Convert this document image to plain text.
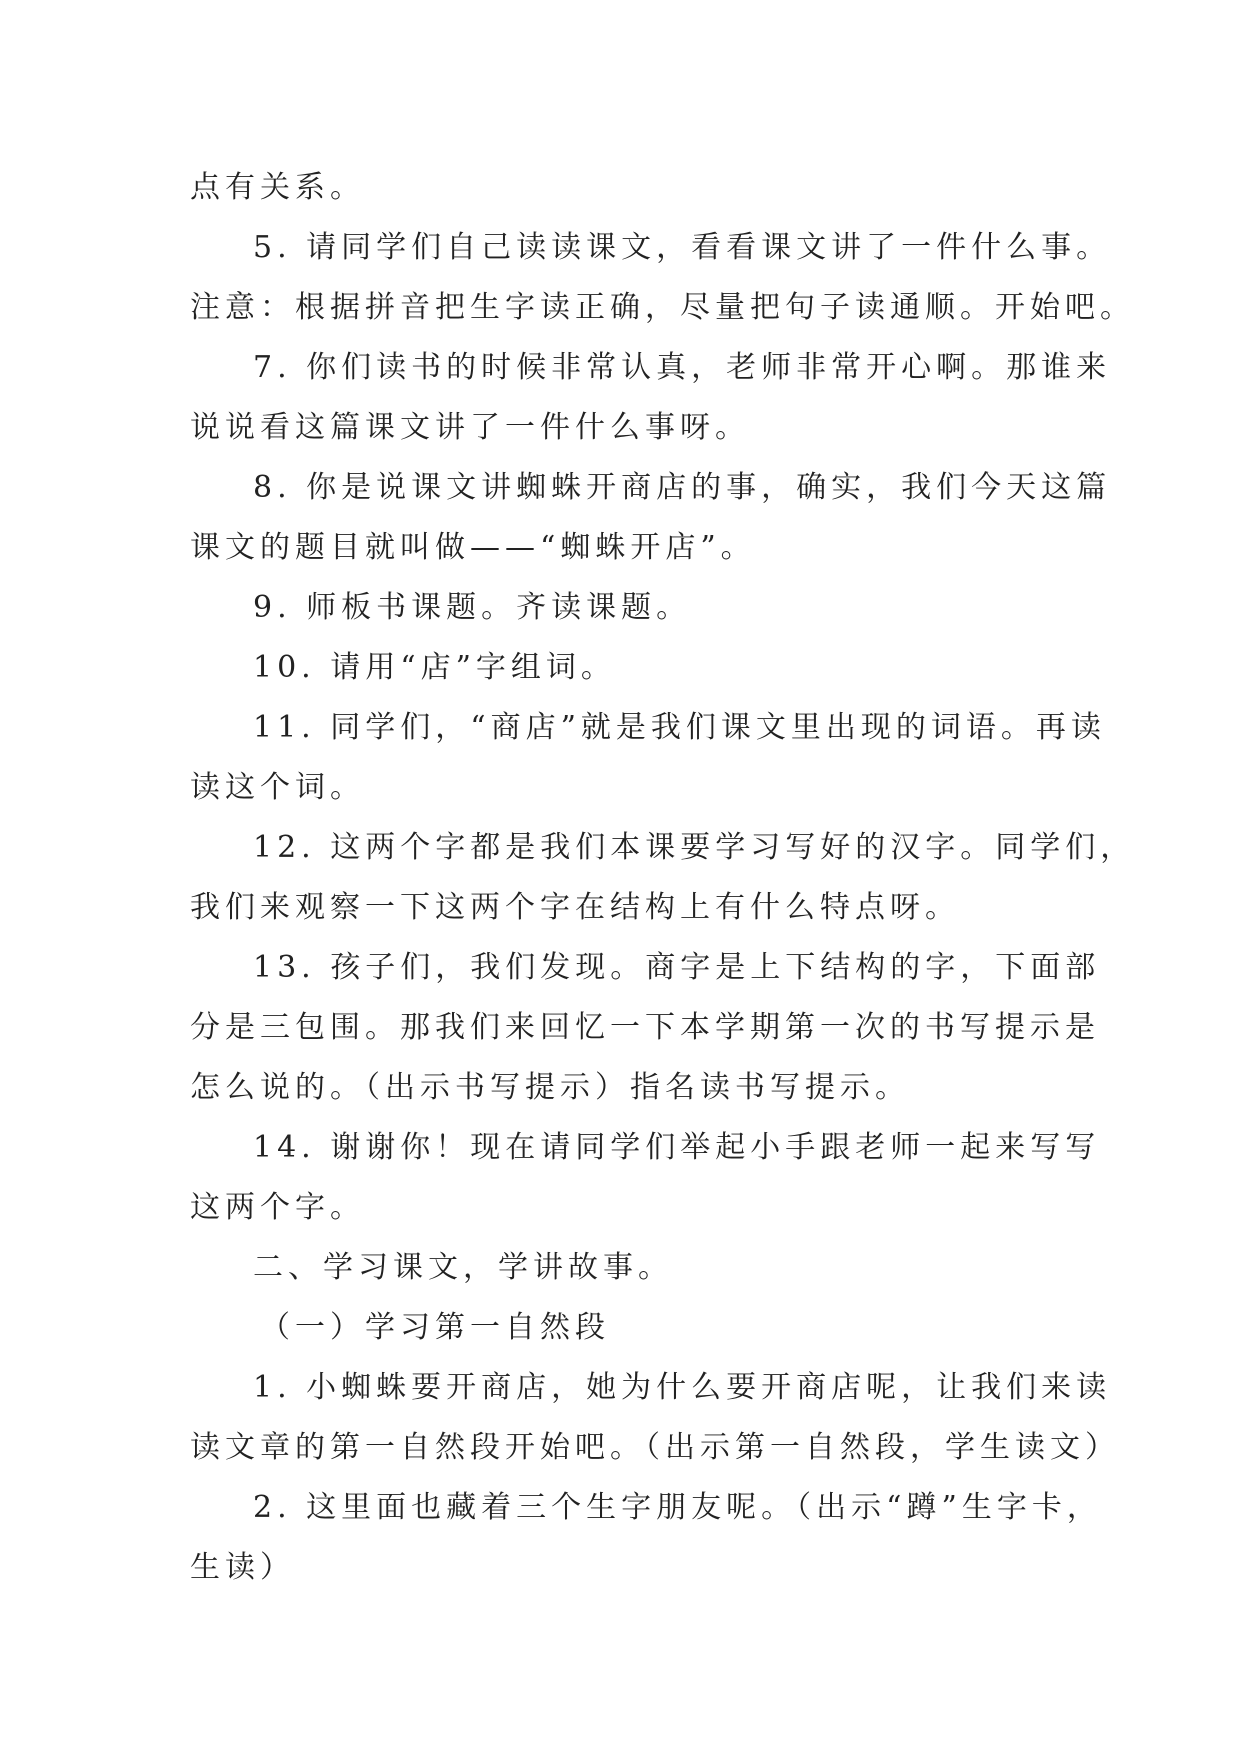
点有关系。
5. 请同学们自己读读课文，看看课文讲了一件什么事。
注意：根据拼音把生字读正确，尽量把句子读通顺。开始吧。
7. 你们读书的时候非常认真，老师非常开心啊。那谁来
说说看这篇课文讲了一件什么事呀。
8. 你是说课文讲蜘蛛开商店的事，确实，我们今天这篇
课文的题目就叫做——“蜘蛛开店”。
9. 师板书课题。齐读课题。
10. 请用“店”字组词。
11. 同学们，“商店”就是我们课文里出现的词语。再读
读这个词。
12. 这两个字都是我们本课要学习写好的汉字。同学们，
我们来观察一下这两个字在结构上有什么特点呀。
13. 孩子们，我们发现。商字是上下结构的字，下面部
分是三包围。那我们来回忆一下本学期第一次的书写提示是
怎么说的。（出示书写提示）指名读书写提示。
14. 谢谢你！现在请同学们举起小手跟老师一起来写写
这两个字。
二、学习课文，学讲故事。
（一）学习第一自然段
1. 小蜘蛛要开商店，她为什么要开商店呢，让我们来读
读文章的第一自然段开始吧。（出示第一自然段，学生读文）
2. 这里面也藏着三个生字朋友呢。（出示“蹲”生字卡，
生读）
